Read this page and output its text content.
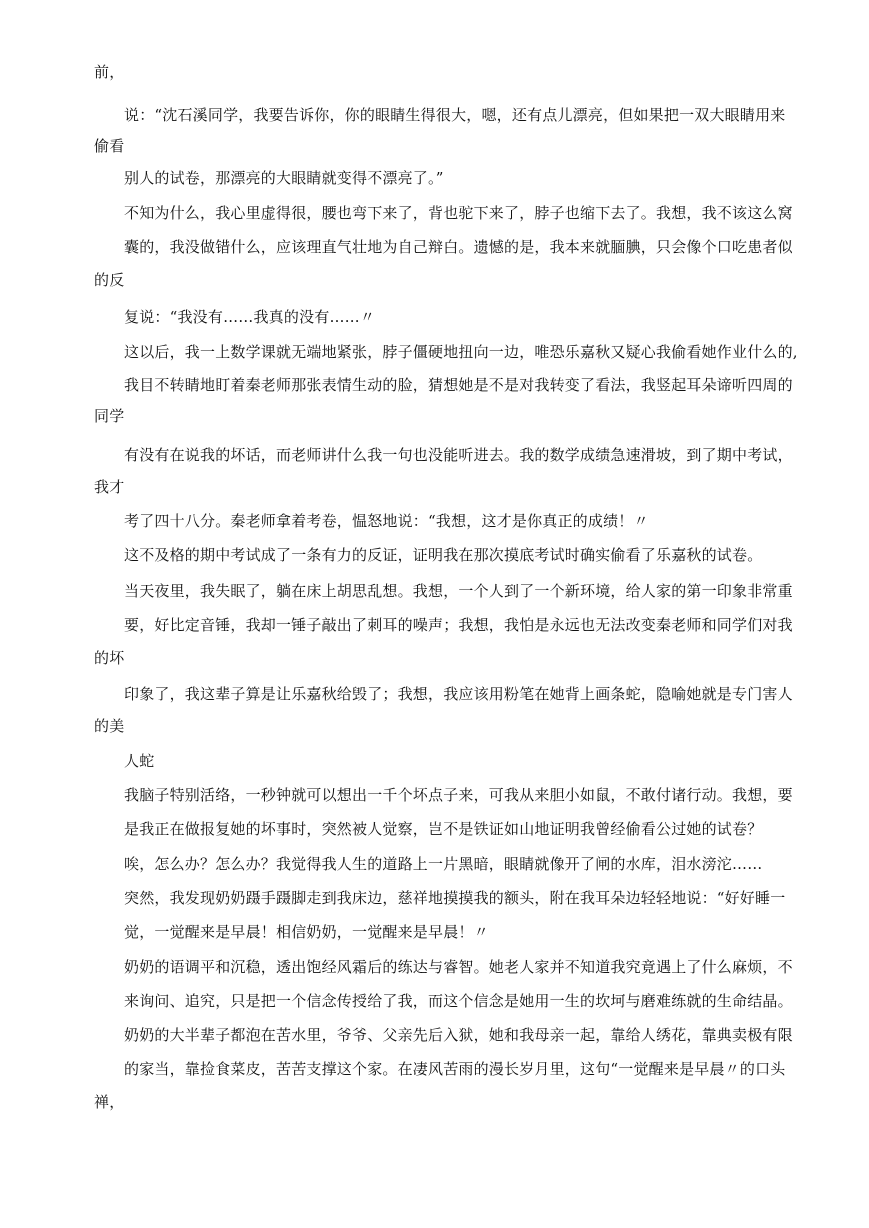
前，
说：“沈石溪同学，我要告诉你，你的眼睛生得很大，嗯，还有点儿漂亮，但如果把一双大眼睛用来
偷看
别人的试卷，那漂亮的大眼睛就变得不漂亮了。”
不知为什么，我心里虚得很，腰也弯下来了，背也驼下来了，脖子也缩下去了。我想，我不该这么窝
囊的，我没做错什么，应该理直气壮地为自己辩白。遗憾的是，我本来就腼腆，只会像个口吃患者似
的反
复说：“我没有……我真的没有……〃
这以后，我一上数学课就无端地紧张，脖子僵硬地扭向一边，唯恐乐嘉秋又疑心我偷看她作业什么的,
我目不转睛地盯着秦老师那张表情生动的脸，猜想她是不是对我转变了看法，我竖起耳朵谛听四周的
同学
有没有在说我的坏话，而老师讲什么我一句也没能听进去。我的数学成绩急速滑坡，到了期中考试，
我才
考了四十八分。秦老师拿着考卷，愠怒地说：“我想，这才是你真正的成绩！〃
这不及格的期中考试成了一条有力的反证，证明我在那次摸底考试时确实偷看了乐嘉秋的试卷。
当天夜里，我失眠了，躺在床上胡思乱想。我想，一个人到了一个新环境，给人家的第一印象非常重
要，好比定音锤，我却一锤子敲出了刺耳的噪声；我想，我怕是永远也无法改变秦老师和同学们对我
的坏
印象了，我这辈子算是让乐嘉秋给毁了；我想，我应该用粉笔在她背上画条蛇，隐喻她就是专门害人
的美
人蛇
我脑子特别活络，一秒钟就可以想出一千个坏点子来，可我从来胆小如鼠，不敢付诸行动。我想，要
是我正在做报复她的坏事时，突然被人觉察，岂不是铁证如山地证明我曾经偷看公过她的试卷？
唉，怎么办？怎么办？我觉得我人生的道路上一片黑暗，眼睛就像开了闸的水库，泪水滂沱……
突然，我发现奶奶蹑手蹑脚走到我床边，慈祥地摸摸我的额头，附在我耳朵边轻轻地说：“好好睡一
觉，一觉醒来是早晨！相信奶奶，一觉醒来是早晨！〃
奶奶的语调平和沉稳，透出饱经风霜后的练达与睿智。她老人家并不知道我究竟遇上了什么麻烦，不
来询问、追究，只是把一个信念传授给了我，而这个信念是她用一生的坎坷与磨难练就的生命结晶。
奶奶的大半辈子都泡在苦水里，爷爷、父亲先后入狱，她和我母亲一起，靠给人绣花，靠典卖极有限
的家当，靠捡食菜皮，苦苦支撑这个家。在凄风苦雨的漫长岁月里，这句“一觉醒来是早晨〃的口头
禅，
